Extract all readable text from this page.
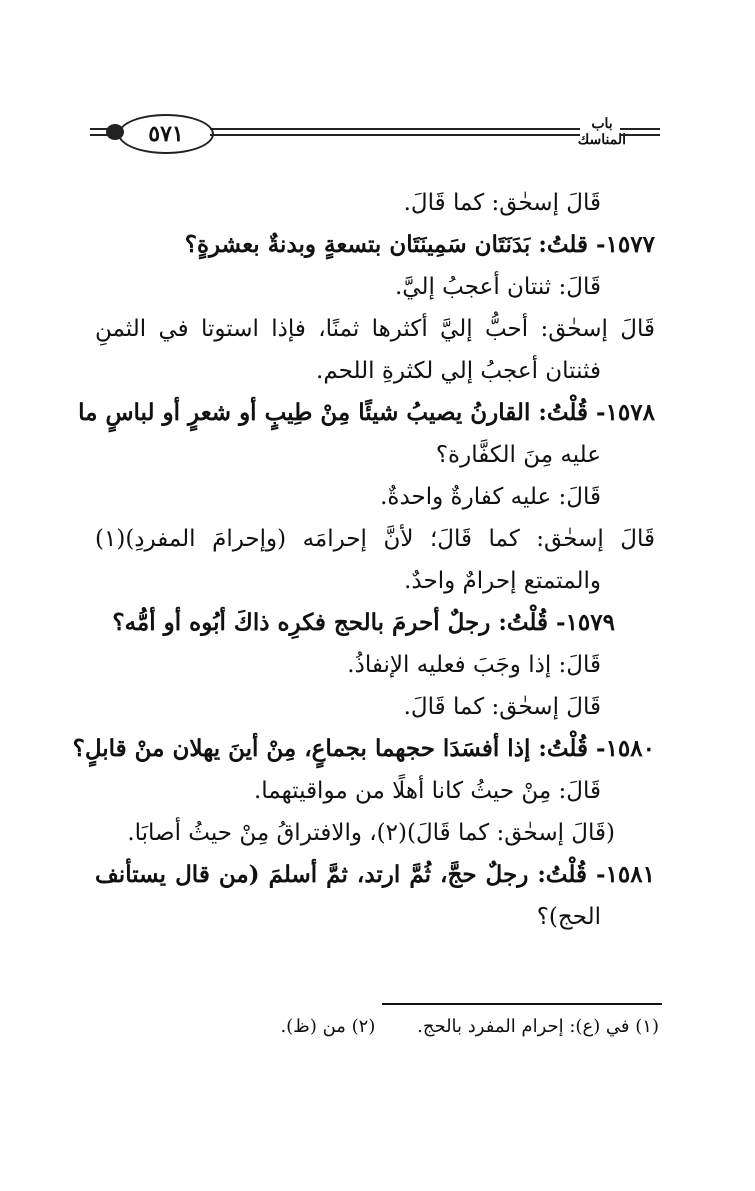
٥٧١	باب المناسك
قَالَ إسحٰق: كما قَالَ.
١٥٧٧- قلتُ: بَدَنَتَان سَمِينَتَان بتسعةٍ وبدنةٌ بعشرةٍ؟
قَالَ: ثنتان أعجبُ إليَّ.
قَالَ إسحٰق: أحبُّ إليَّ أكثرها ثمنًا، فإذا استوتا في الثمنِ
فثنتان أعجبُ إلي لكثرةِ اللحم.
١٥٧٨- قُلْتُ: القارنُ يصيبُ شيئًا مِنْ طِيبٍ أو شعرٍ أو لباسٍ ما
عليه مِنَ الكفَّارة؟
قَالَ: عليه كفارةٌ واحدةٌ.
قَالَ إسحٰق: كما قَالَ؛ لأنَّ إحرامَه (وإحرامَ المفردِ)(١)
والمتمتع إحرامٌ واحدٌ.
١٥٧٩- قُلْتُ: رجلٌ أحرمَ بالحج فكرِه ذاكَ أبُوه أو أمُّه؟
قَالَ: إذا وجَبَ فعليه الإنفاذُ.
قَالَ إسحٰق: كما قَالَ.
١٥٨٠- قُلْتُ: إذا أفسَدَا حجهما بجماعٍ، مِنْ أينَ يهلان منْ قابلٍ؟
قَالَ: مِنْ حيثُ كانا أهلًا من مواقيتهما.
(قَالَ إسحٰق: كما قَالَ)(٢)، والافتراقُ مِنْ حيثُ أصابَا.
١٥٨١- قُلْتُ: رجلٌ حجَّ، ثُمَّ ارتد، ثمَّ أسلمَ (من قال يستأنف
الحج)؟
(١) في (ع): إحرام المفرد بالحج. (٢) من (ظ).
